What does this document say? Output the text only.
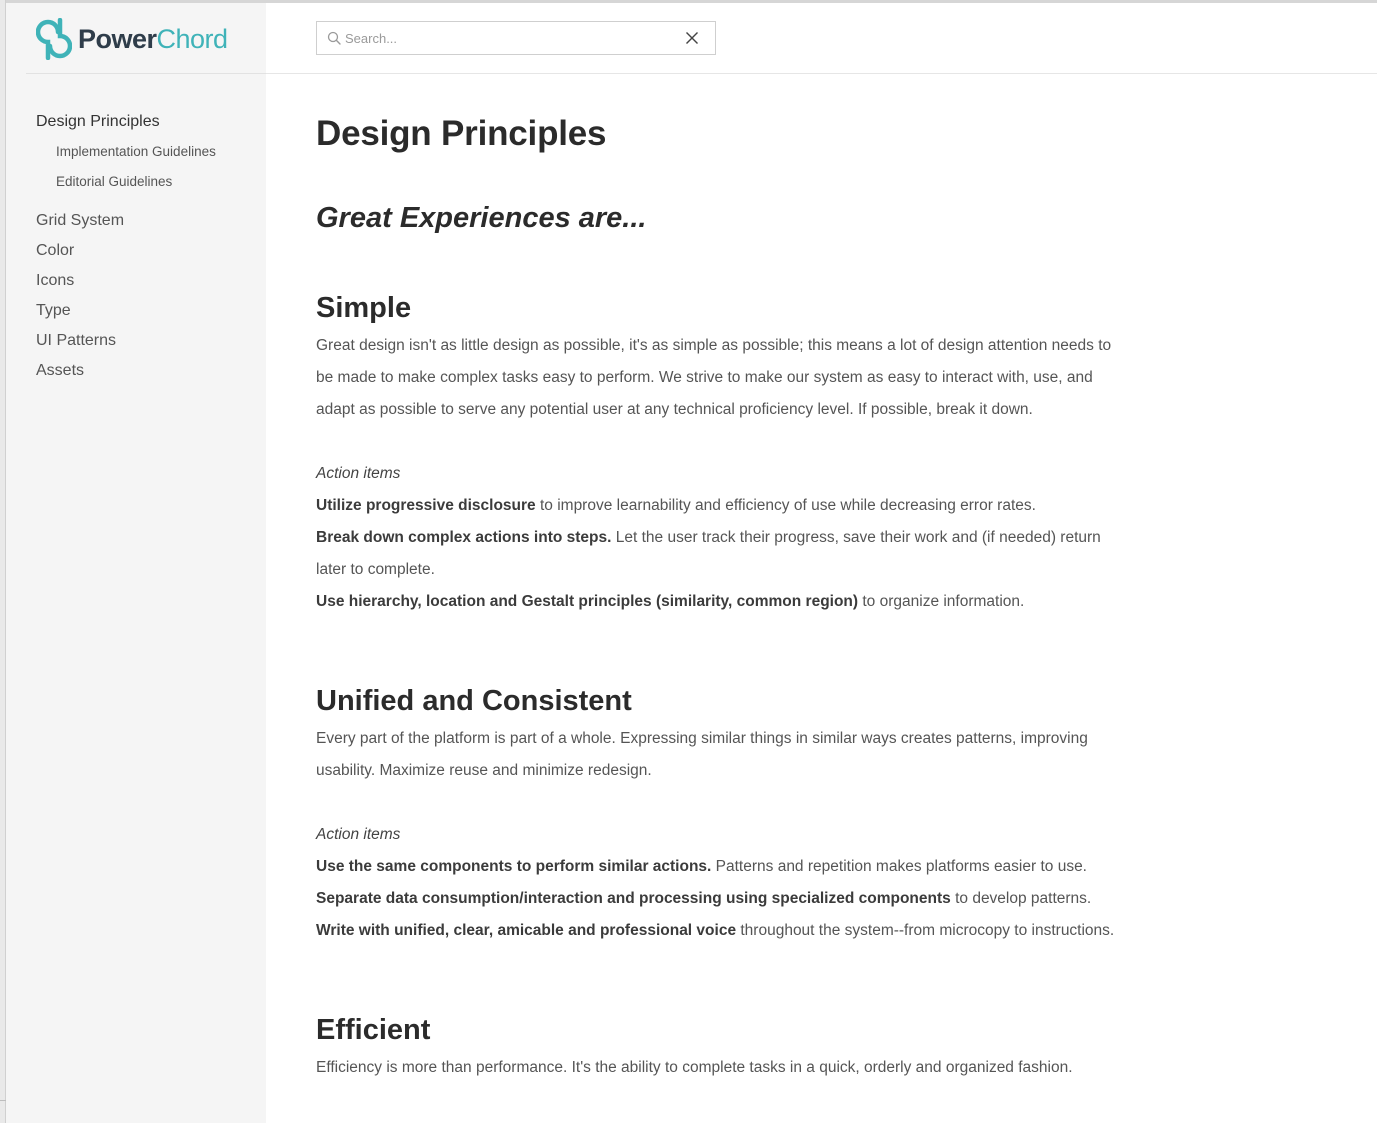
PowerChord
Design Principles
Implementation Guidelines
Editorial Guidelines
Grid System
Color
Icons
Type
UI Patterns
Assets
Search...
Design Principles
Great Experiences are...
Simple

Great design isn't as little design as possible, it's as simple as possible; this means a lot of design attention needs to be made to make complex tasks easy to perform. We strive to make our system as easy to interact with, use, and adapt as possible to serve any potential user at any technical proficiency level. If possible, break it down.

Action items

Utilize progressive disclosure to improve learnability and efficiency of use while decreasing error rates.

Break down complex actions into steps. Let the user track their progress, save their work and (if needed) return later to complete.

Use hierarchy, location and Gestalt principles (similarity, common region) to organize information.

Unified and Consistent

Every part of the platform is part of a whole. Expressing similar things in similar ways creates patterns, improving usability. Maximize reuse and minimize redesign.

Action items

Use the same components to perform similar actions. Patterns and repetition makes platforms easier to use.

Separate data consumption/interaction and processing using specialized components to develop patterns.

Write with unified, clear, amicable and professional voice throughout the system--from microcopy to instructions.

Efficient

Efficiency is more than performance. It's the ability to complete tasks in a quick, orderly and organized fashion.
